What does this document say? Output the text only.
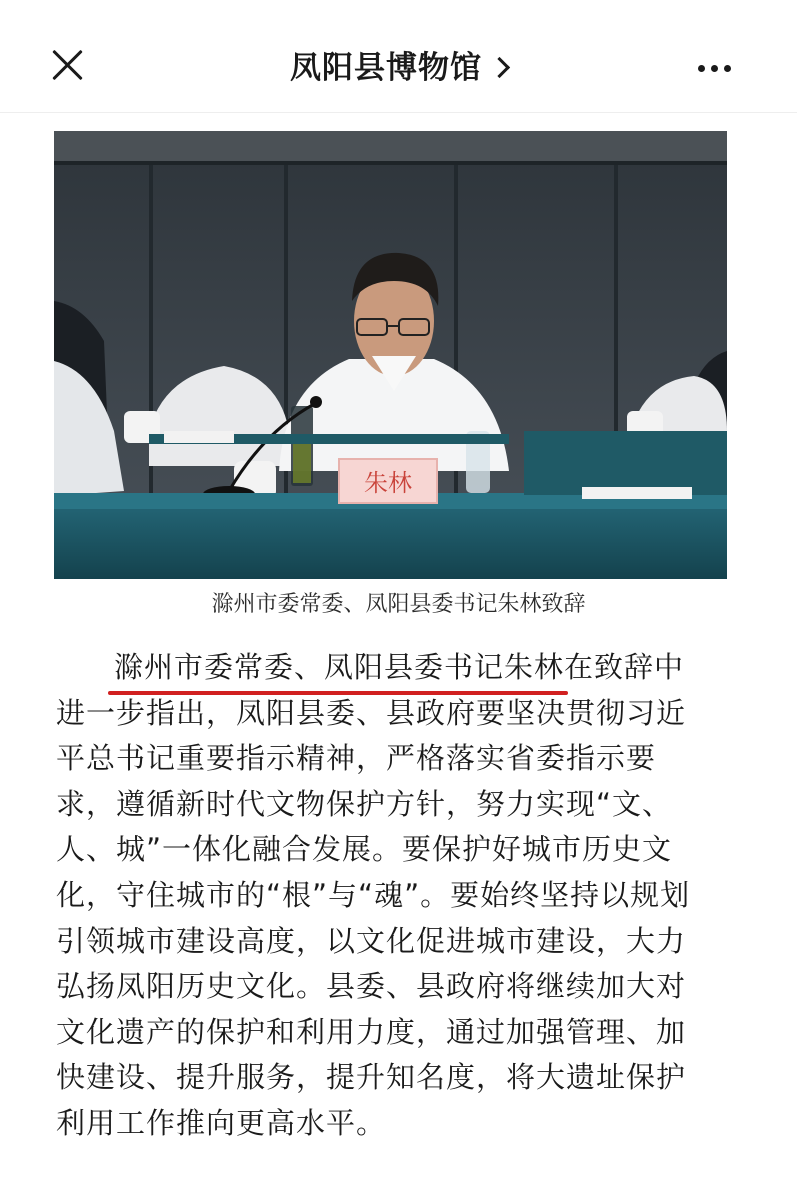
凤阳县博物馆
朱林
滁州市委常委、凤阳县委书记朱林致辞
滁州市委常委、凤阳县委书记朱林在致辞中
进一步指出，凤阳县委、县政府要坚决贯彻习近
平总书记重要指示精神，严格落实省委指示要
求，遵循新时代文物保护方针，努力实现“文、
人、城”一体化融合发展。要保护好城市历史文
化，守住城市的“根”与“魂”。要始终坚持以规划
引领城市建设高度，以文化促进城市建设，大力
弘扬凤阳历史文化。县委、县政府将继续加大对
文化遗产的保护和利用力度，通过加强管理、加
快建设、提升服务，提升知名度，将大遗址保护
利用工作推向更高水平。
